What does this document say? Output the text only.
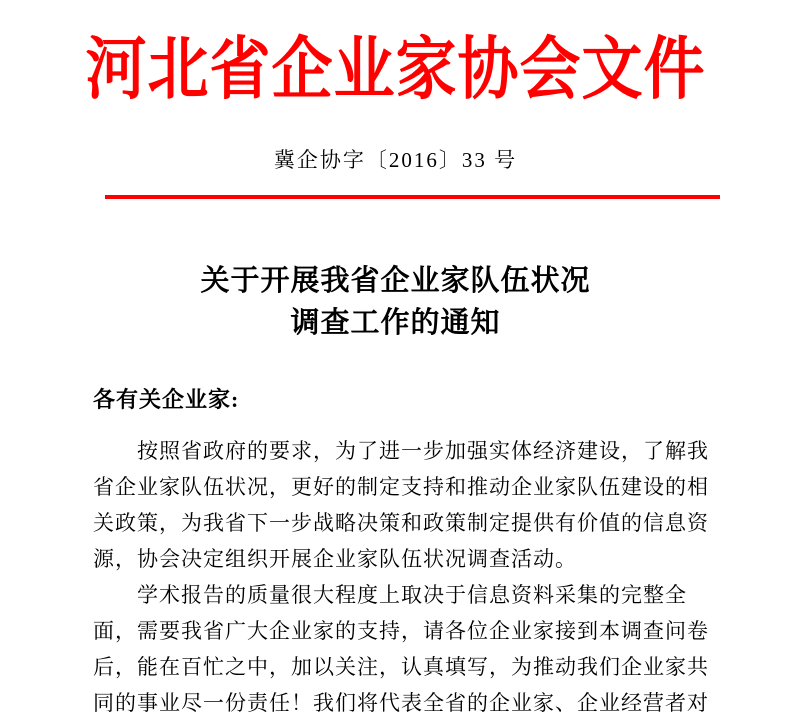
河北省企业家协会文件
冀企协字〔2016〕33 号
关于开展我省企业家队伍状况
调查工作的通知
各有关企业家:
按照省政府的要求，为了进一步加强实体经济建设，了解我
省企业家队伍状况，更好的制定支持和推动企业家队伍建设的相
关政策，为我省下一步战略决策和政策制定提供有价值的信息资
源，协会决定组织开展企业家队伍状况调查活动。
学术报告的质量很大程度上取决于信息资料采集的完整全
面，需要我省广大企业家的支持，请各位企业家接到本调查问卷
后，能在百忙之中，加以关注，认真填写，为推动我们企业家共
同的事业尽一份责任！我们将代表全省的企业家、企业经营者对
